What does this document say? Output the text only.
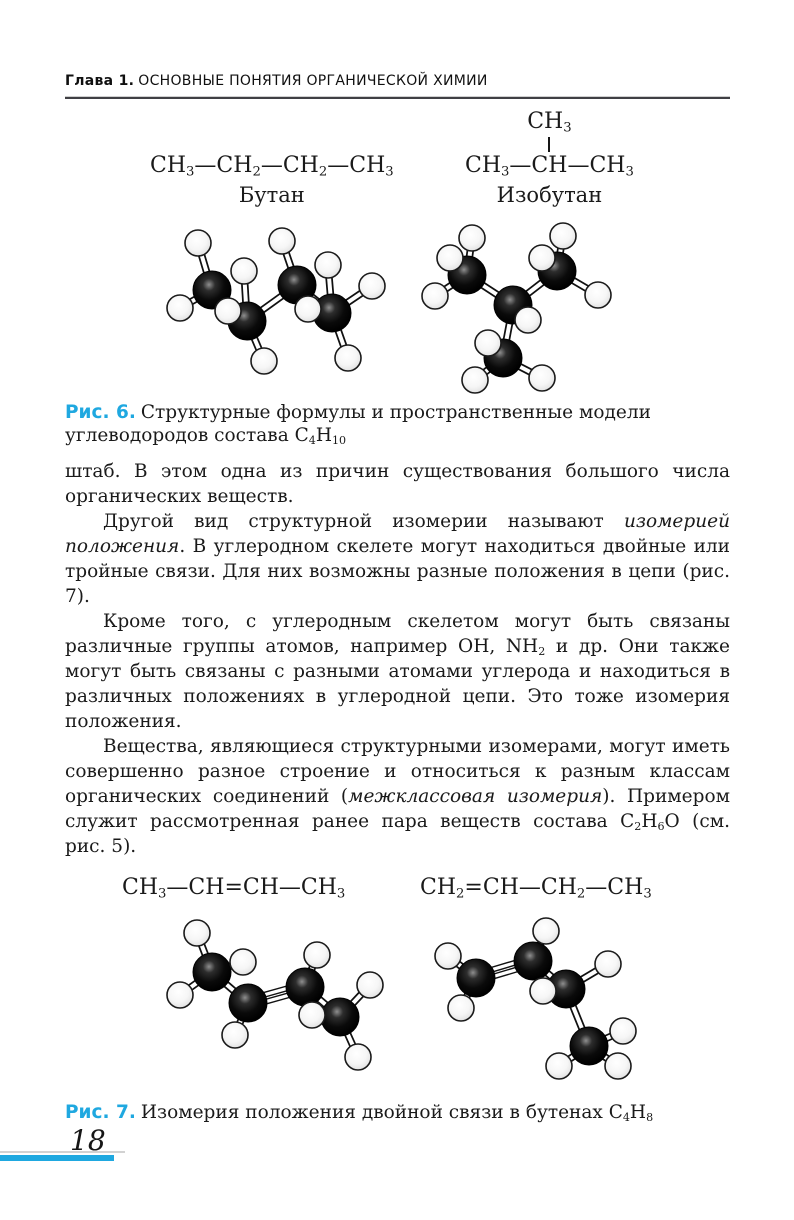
Глава 1. ОСНОВНЫЕ ПОНЯТИЯ ОРГАНИЧЕСКОЙ ХИМИИ
$CH_3—CH_2—CH_2—CH_3$
Бутан
$CH_3$
$CH_3—CH—CH_3$
Изобутан
Рис. 6. Структурные формулы и пространственные модели углеводородов состава $C_4H_{10}$

штаб. В этом одна из причин существования большого числа органических веществ.

Другой вид структурной изомерии называют изомерией положения. В углеродном скелете могут находиться двойные или тройные связи. Для них возможны разные положения в цепи (рис. 7).

Кроме того, с углеродным скелетом могут быть связаны различные группы атомов, например OH, $NH_2$ и др. Они также могут быть связаны с разными атомами углерода и находиться в различных положениях в углеродной цепи. Это тоже изомерия положения.

Вещества, являющиеся структурными изомерами, могут иметь совершенно разное строение и относиться к разным классам органических соединений (межклассовая изомерия). Примером служит рассмотренная ранее пара веществ состава $C_2H_6O$ (см. рис. 5).

$CH_3—CH=CH—CH_3$	$CH_2=CH—CH_2—CH_3$
Рис. 7. Изомерия положения двойной связи в бутенах $C_4H_8$
18
